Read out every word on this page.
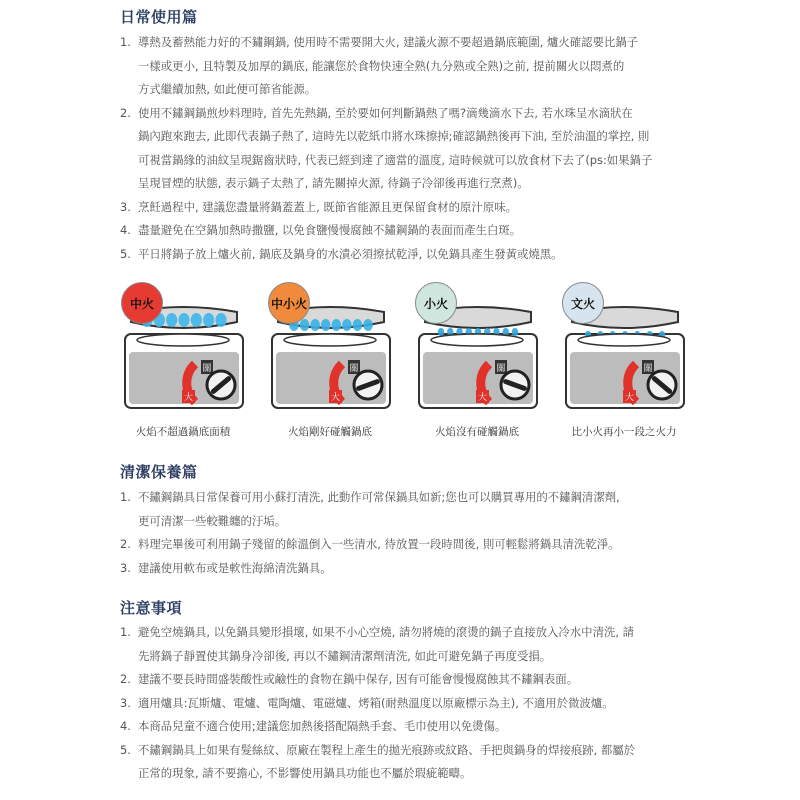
日常使用篇
1. 導熱及蓄熱能力好的不鏽鋼鍋, 使用時不需要開大火, 建議火源不要超過鍋底範圍, 爐火確認要比鍋子
一樣或更小, 且特製及加厚的鍋底, 能讓您於食物快速全熟(九分熟或全熟)之前, 提前關火以悶煮的
方式繼續加熱, 如此便可節省能源。
2. 使用不鏽鋼鍋煎炒料理時, 首先先熱鍋, 至於要如何判斷鍋熱了嗎?滴幾滴水下去, 若水珠呈水滴狀在
鍋內跑來跑去, 此即代表鍋子熱了, 這時先以乾紙巾將水珠擦掉;確認鍋熱後再下油, 至於油溫的掌控, 則
可視當鍋緣的油紋呈現鋸齒狀時, 代表已經到達了適當的溫度, 這時候就可以放食材下去了(ps:如果鍋子
呈現冒煙的狀態, 表示鍋子太熱了, 請先關掉火源, 待鍋子冷卻後再進行烹煮)。
3. 烹飪過程中, 建議您盡量將鍋蓋蓋上, 既節省能源且更保留食材的原汁原味。
4. 盡量避免在空鍋加熱時撒鹽, 以免食鹽慢慢腐蝕不鏽鋼鍋的表面而產生白斑。
5. 平日將鍋子放上爐火前, 鍋底及鍋身的水漬必須擦拭乾淨, 以免鍋具產生發黃或燒黑。
中火
關
大
火焰不超過鍋底面積
中小火
關
大
火焰剛好碰觸鍋底
小火
關
大
火焰沒有碰觸鍋底
文火
關
大
比小火再小一段之火力
清潔保養篇
1. 不鏽鋼鍋具日常保養可用小蘇打清洗, 此動作可常保鍋具如新;您也可以購買專用的不鏽鋼清潔劑,
更可清潔一些較難纏的汙垢。
2. 料理完畢後可利用鍋子殘留的餘溫倒入一些清水, 待放置一段時間後, 則可輕鬆將鍋具清洗乾淨。
3. 建議使用軟布或是軟性海綿清洗鍋具。
注意事項
1. 避免空燒鍋具, 以免鍋具變形損壞, 如果不小心空燒, 請勿將燒的滾燙的鍋子直接放入冷水中清洗, 請
先將鍋子靜置使其鍋身冷卻後, 再以不鏽鋼清潔劑清洗, 如此可避免鍋子再度受損。
2. 建議不要長時間盛裝酸性或鹼性的食物在鍋中保存, 因有可能會慢慢腐蝕其不鏽鋼表面。
3. 適用爐具:瓦斯爐、電爐、電陶爐、電磁爐、烤箱(耐熱溫度以原廠標示為主), 不適用於微波爐。
4. 本商品兒童不適合使用;建議您加熱後搭配隔熱手套、毛巾使用以免燙傷。
5. 不鏽鋼鍋具上如果有髮絲紋、原廠在製程上產生的拋光痕跡或紋路、手把與鍋身的焊接痕跡, 都屬於
正常的現象, 請不要擔心, 不影響使用鍋具功能也不屬於瑕疵範疇。
